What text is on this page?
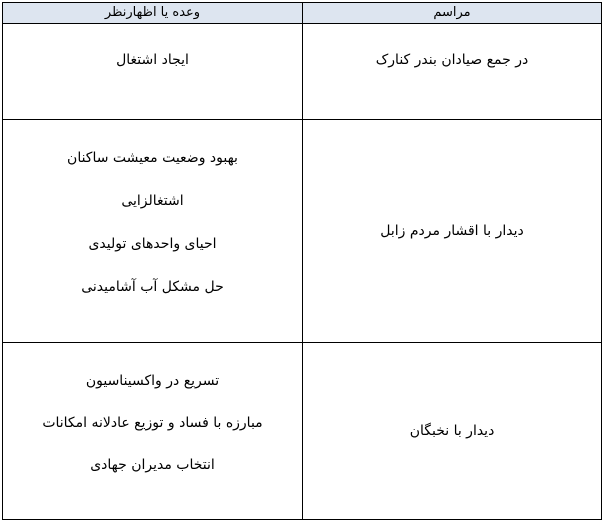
وعده یا اظهارنظر	مراسم
ایجاد اشتغال	در جمع صیادان بندر کنارک
بهبود وضعیت معیشت ساکنان
اشتغالزایی
احیای واحدهای تولیدی
حل مشکل آب آشامیدنی
دیدار با اقشار مردم زابل
تسریع در واکسیناسیون
مبارزه با فساد و توزیع عادلانه امکانات
انتخاب مدیران جهادی
دیدار با نخبگان
